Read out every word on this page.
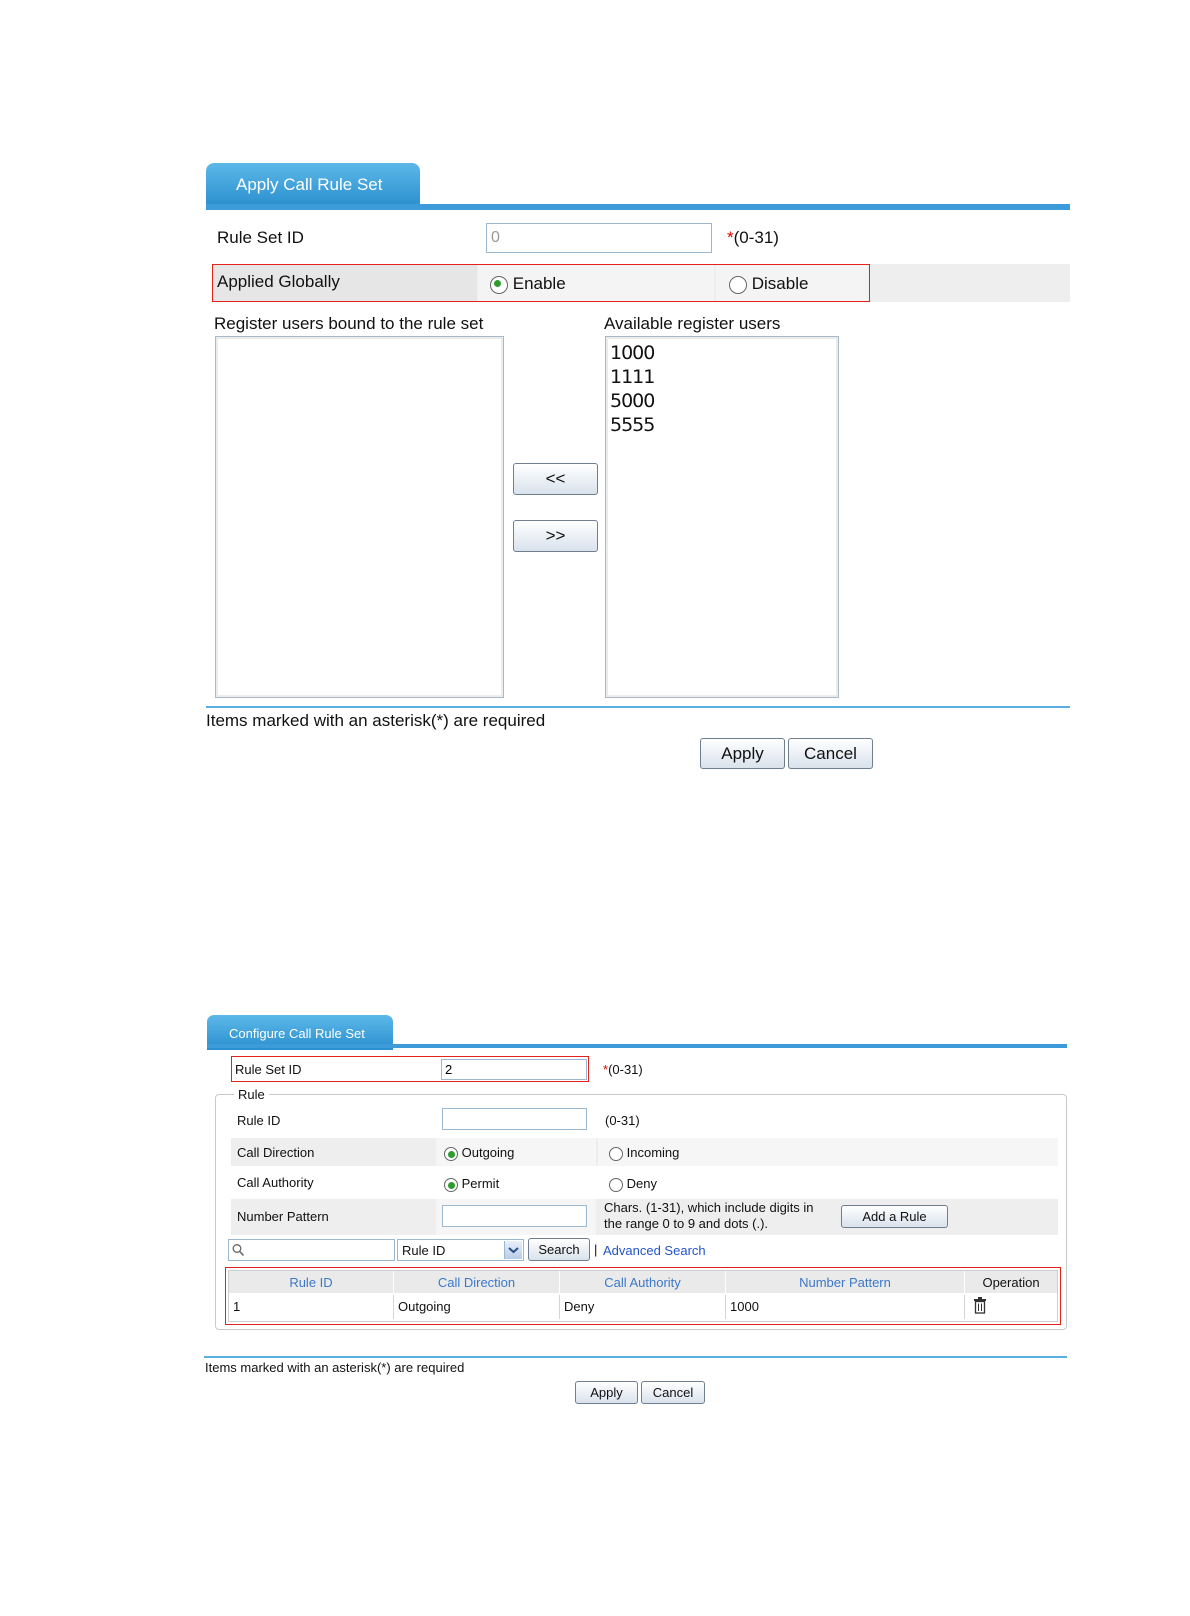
Apply Call Rule Set
Rule Set ID
0	*(0-31)
Applied Globally	Enable	Disable
Register users bound to the rule set	Available register users
1000
1111
5000
5555
<<
>>
Items marked with an asterisk(*) are required
Apply	Cancel
Configure Call Rule Set
Rule Set ID
2	*(0-31)
Rule
Rule ID	(0-31)
Call Direction	Outgoing	Incoming
Call Authority	Permit	Deny
Number Pattern
Chars. (1-31), which include digits in
the range 0 to 9 and dots (.).	Add a Rule
Rule ID	Search	| Advanced Search
Rule ID	Call Direction	Call Authority	Number Pattern	Operation
1	Outgoing	Deny	1000
Items marked with an asterisk(*) are required
Apply	Cancel
